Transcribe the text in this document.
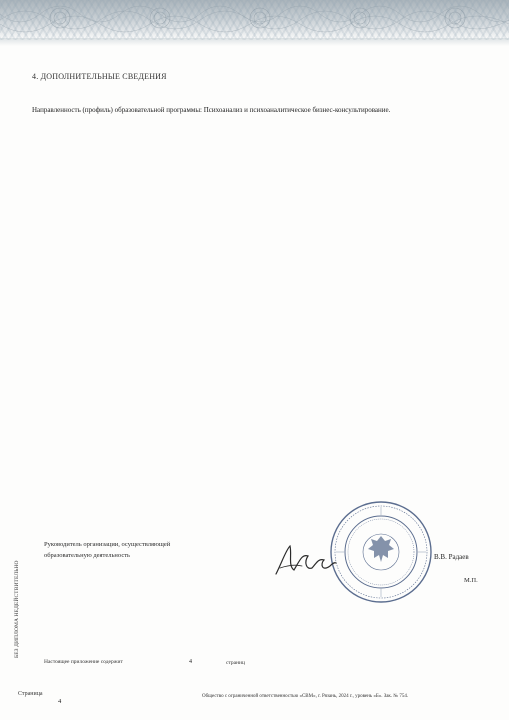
4. ДОПОЛНИТЕЛЬНЫЕ СВЕДЕНИЯ
Направленность (профиль) образовательной программы: Психоанализ и психоаналитическое бизнес-консультирование.
БЕЗ ДИПЛОМА НЕДЕЙСТВИТЕЛЬНО
Руководитель организации, осуществляющей образовательную деятельность	В.В. Радаев
М.П.
Настоящее приложение содержит	4	страниц
Страница
4
Общество с ограниченной ответственностью «СВМ», г. Рязань, 2024 г., уровень «Б». Зак. № 754.
